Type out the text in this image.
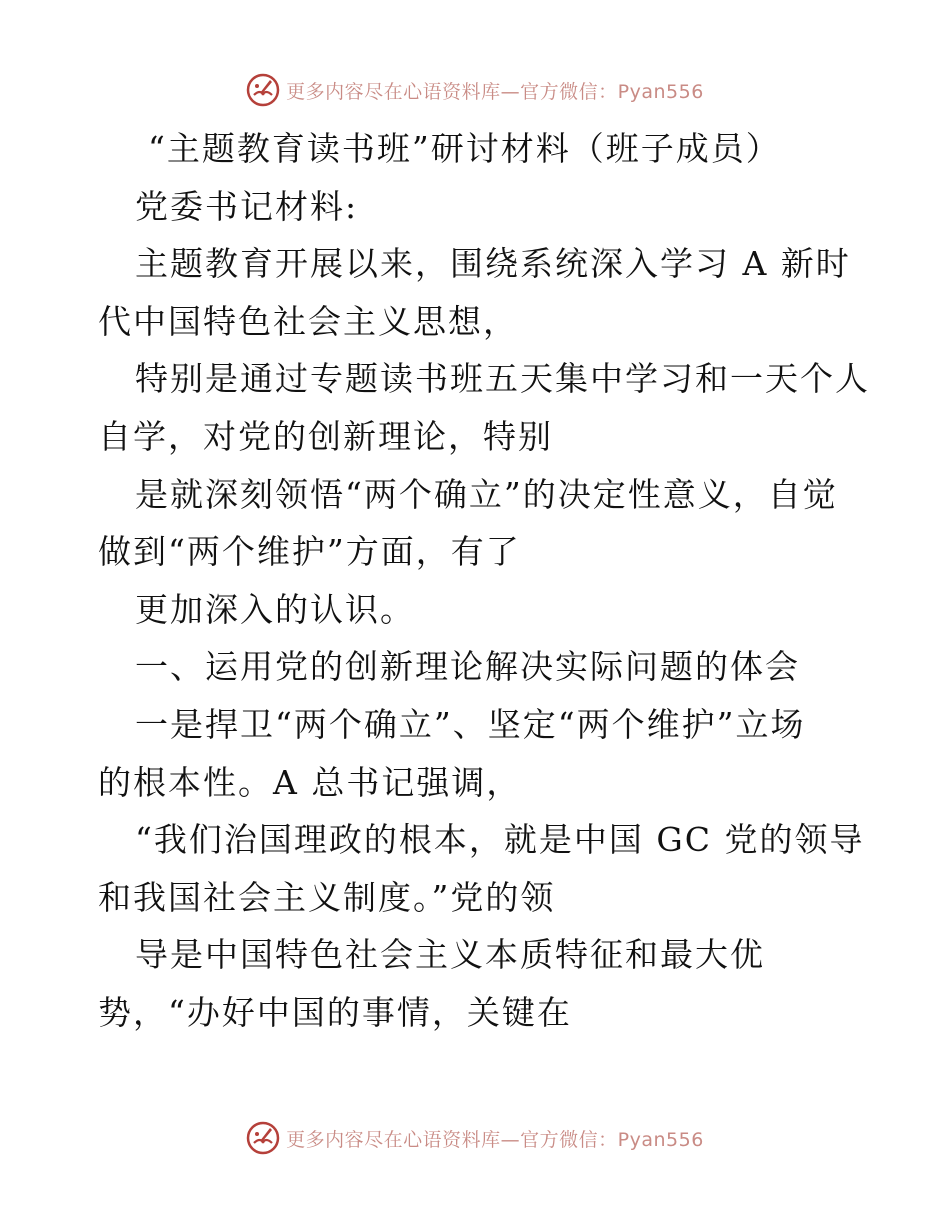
更多内容尽在心语资料库—官方微信：Pyan556
“主题教育读书班”研讨材料（班子成员）
党委书记材料:
主题教育开展以来，围绕系统深入学习 A 新时
代中国特色社会主义思想，
特别是通过专题读书班五天集中学习和一天个人
自学，对党的创新理论，特别
是就深刻领悟“两个确立”的决定性意义，自觉
做到“两个维护”方面，有了
更加深入的认识。
一、运用党的创新理论解决实际问题的体会
一是捍卫“两个确立”、坚定“两个维护”立场
的根本性。A 总书记强调，
“我们治国理政的根本，就是中国 GC 党的领导
和我国社会主义制度。”党的领
导是中国特色社会主义本质特征和最大优
势，“办好中国的事情，关键在
更多内容尽在心语资料库—官方微信：Pyan556
